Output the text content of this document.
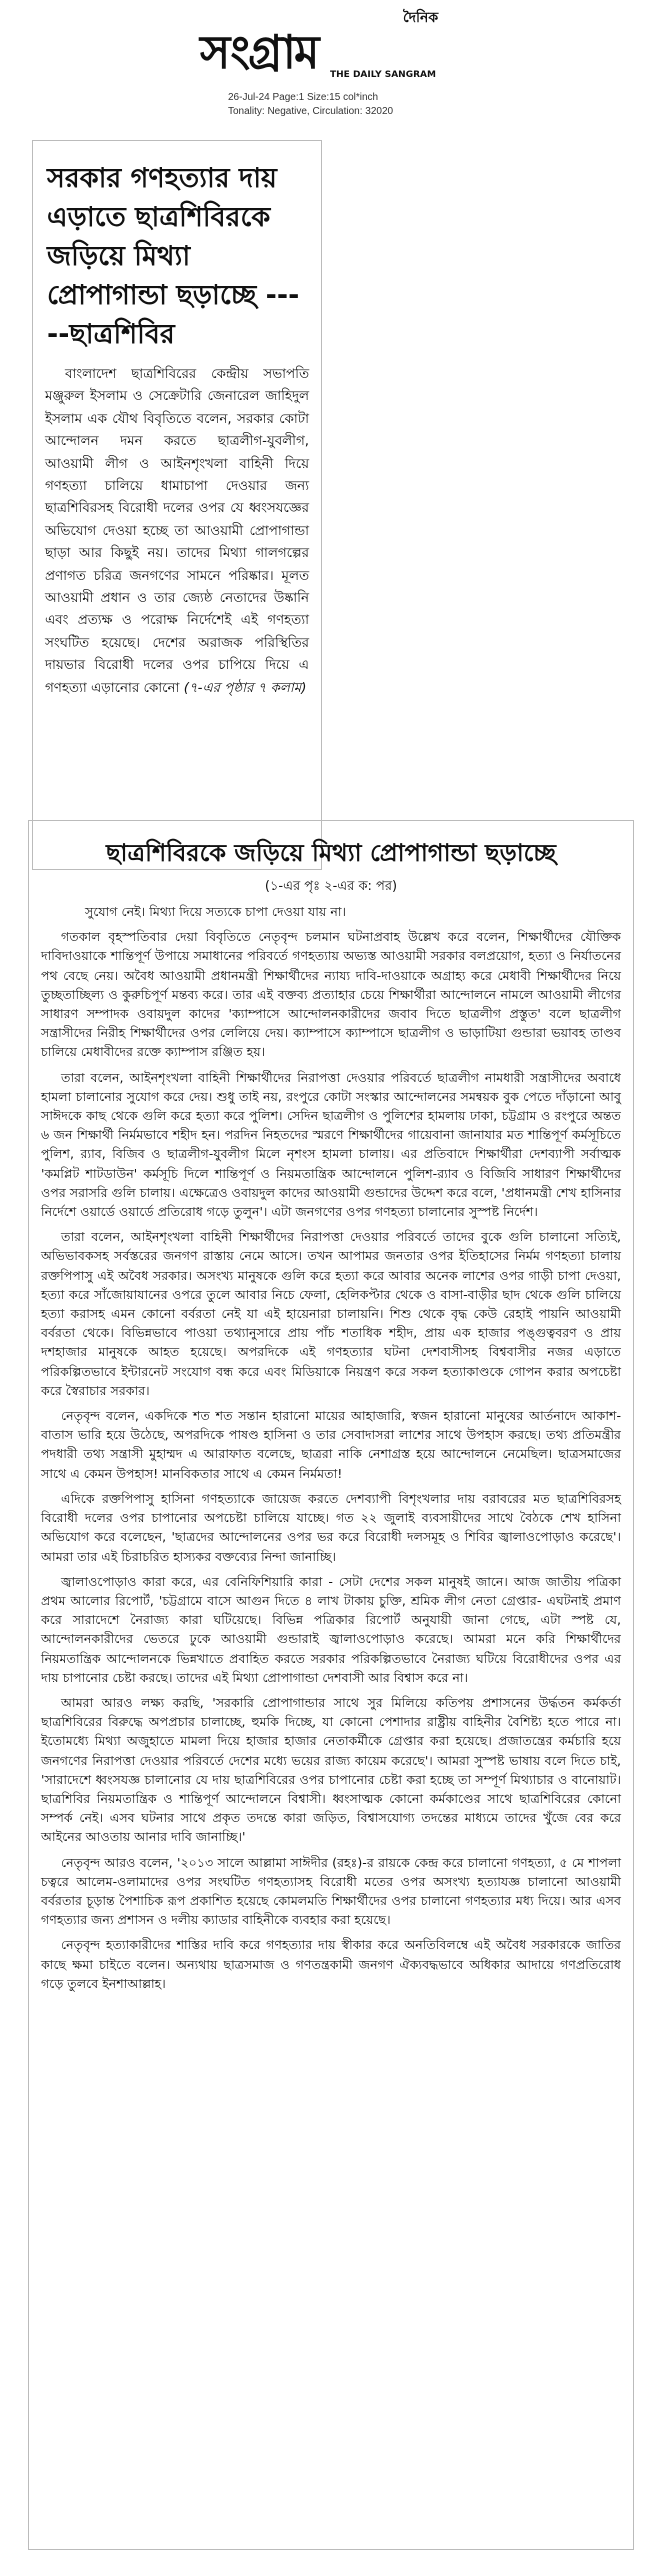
দৈনিক
সংগ্রাম THE DAILY SANGRAM
26-Jul-24 Page:1 Size:15 col*inch
Tonality: Negative, Circulation: 32020
সরকার গণহত্যার দায় এড়াতে ছাত্রশিবিরকে জড়িয়ে মিথ্যা প্রোপাগান্ডা ছড়াচ্ছে -----ছাত্রশিবির

বাংলাদেশ ছাত্রশিবিরের কেন্দ্রীয় সভাপতি মঞ্জুরুল ইসলাম ও সেক্রেটারি জেনারেল জাহিদুল ইসলাম এক যৌথ বিবৃতিতে বলেন, সরকার কোটা আন্দোলন দমন করতে ছাত্রলীগ-যুবলীগ, আওয়ামী লীগ ও আইনশৃংখলা বাহিনী দিয়ে গণহত্যা চালিয়ে ধামাচাপা দেওয়ার জন্য ছাত্রশিবিরসহ বিরোধী দলের ওপর যে ধ্বংসযজ্ঞের অভিযোগ দেওয়া হচ্ছে তা আওয়ামী প্রোপাগান্ডা ছাড়া আর কিছুই নয়। তাদের মিথ্যা গালগল্পের প্রণাগত চরিত্র জনগণের সামনে পরিষ্কার। মূলত আওয়ামী প্রধান ও তার জ্যেষ্ঠ নেতাদের উষ্কানি এবং প্রত্যক্ষ ও পরোক্ষ নির্দেশেই এই গণহত্যা সংঘটিত হয়েছে। দেশের অরাজক পরিস্থিতির দায়ভার বিরোধী দলের ওপর চাপিয়ে দিয়ে এ গণহত্যা এড়ানোর কোনো (৭-এর পৃষ্ঠার ৭ কলাম)

ছাত্রশিবিরকে জড়িয়ে মিথ্যা প্রোপাগান্ডা ছড়াচ্ছে
(১-এর পৃঃ ২-এর ক: পর)

সুযোগ নেই। মিথ্যা দিয়ে সত্যকে চাপা দেওয়া যায় না।

গতকাল বৃহস্পতিবার দেয়া বিবৃতিতে নেতৃবৃন্দ চলমান ঘটনাপ্রবাহ উল্লেখ করে বলেন, শিক্ষার্থীদের যৌক্তিক দাবিদাওয়াকে শান্তিপূর্ণ উপায়ে সমাধানের পরিবর্তে গণহত্যায় অভ্যস্ত আওয়ামী সরকার বলপ্রয়োগ, হত্যা ও নির্যাতনের পথ বেছে নেয়। অবৈধ আওয়ামী প্রধানমন্ত্রী শিক্ষার্থীদের ন্যায্য দাবি-দাওয়াকে অগ্রাহ্য করে মেধাবী শিক্ষার্থীদের নিয়ে তুচ্ছতাচ্ছিল্য ও কুরুচিপূর্ণ মন্তব্য করে। তার এই বক্তব্য প্রত্যাহার চেয়ে শিক্ষার্থীরা আন্দোলনে নামলে আওয়ামী লীগের সাধারণ সম্পাদক ওবায়দুল কাদের 'ক্যাম্পাসে আন্দোলনকারীদের জবাব দিতে ছাত্রলীগ প্রস্তুত' বলে ছাত্রলীগ সন্ত্রাসীদের নিরীহ শিক্ষার্থীদের ওপর লেলিয়ে দেয়। ক্যাম্পাসে ক্যাম্পাসে ছাত্রলীগ ও ভাড়াটিয়া গুন্ডারা ভয়াবহ তাণ্ডব চালিয়ে মেধাবীদের রক্তে ক্যাম্পাস রঞ্জিত হয়।

তারা বলেন, আইনশৃংখলা বাহিনী শিক্ষার্থীদের নিরাপত্তা দেওয়ার পরিবর্তে ছাত্রলীগ নামধারী সন্ত্রাসীদের অবাধে হামলা চালানোর সুযোগ করে দেয়। শুধু তাই নয়, রংপুরে কোটা সংস্কার আন্দোলনের সমন্বয়ক বুক পেতে দাঁড়ানো আবু সাঈদকে কাছ থেকে গুলি করে হত্যা করে পুলিশ। সেদিন ছাত্রলীগ ও পুলিশের হামলায় ঢাকা, চট্টগ্রাম ও রংপুরে অন্তত ৬ জন শিক্ষার্থী নির্মমভাবে শহীদ হন। পরদিন নিহতদের স্মরণে শিক্ষার্থীদের গায়েবানা জানাযার মত শান্তিপূর্ণ কর্মসূচিতে পুলিশ, র‍্যাব, বিজিব ও ছাত্রলীগ-যুবলীগ মিলে নৃশংস হামলা চালায়। এর প্রতিবাদে শিক্ষার্থীরা দেশব্যাপী সর্বাত্মক 'কমপ্লিট শাটডাউন' কর্মসূচি দিলে শান্তিপূর্ণ ও নিয়মতান্ত্রিক আন্দোলনে পুলিশ-র‍্যাব ও বিজিবি সাধারণ শিক্ষার্থীদের ওপর সরাসরি গুলি চালায়। এক্ষেত্রেও ওবায়দুল কাদের আওয়ামী গুন্ডাদের উদ্দেশ করে বলে, 'প্রধানমন্ত্রী শেখ হাসিনার নির্দেশে ওয়ার্ডে ওয়ার্ডে প্রতিরোধ গড়ে তুলুন'। এটা জনগণের ওপর গণহত্যা চালানোর সুস্পষ্ট নির্দেশ।

তারা বলেন, আইনশৃংখলা বাহিনী শিক্ষার্থীদের নিরাপত্তা দেওয়ার পরিবর্তে তাদের বুকে গুলি চালানো সত্যিই, অভিভাবকসহ সর্বস্তরের জনগণ রাস্তায় নেমে আসে। তখন আপামর জনতার ওপর ইতিহাসের নির্মম গণহত্যা চালায় রক্তপিপাসু এই অবৈধ সরকার। অসংখ্য মানুষকে গুলি করে হত্যা করে আবার অনেক লাশের ওপর গাড়ী চাপা দেওয়া, হত্যা করে সাঁজোয়াযানের ওপরে তুলে আবার নিচে ফেলা, হেলিকপ্টার থেকে ও বাসা-বাড়ীর ছাদ থেকে গুলি চালিয়ে হত্যা করাসহ এমন কোনো বর্বরতা নেই যা এই হায়েনারা চালায়নি। শিশু থেকে বৃদ্ধ কেউ রেহাই পায়নি আওয়ামী বর্বরতা থেকে। বিভিন্নভাবে পাওয়া তথ্যানুসারে প্রায় পাঁচ শতাধিক শহীদ, প্রায় এক হাজার পঙ্গুত্ববরণ ও প্রায় দশহাজার মানুষকে আহত হয়েছে। অপরদিকে এই গণহত্যার ঘটনা দেশবাসীসহ বিশ্ববাসীর নজর এড়াতে পরিকল্পিতভাবে ইন্টারনেট সংযোগ বন্ধ করে এবং মিডিয়াকে নিয়ন্ত্রণ করে সকল হত্যাকাণ্ডকে গোপন করার অপচেষ্টা করে স্বৈরাচার সরকার।

নেতৃবৃন্দ বলেন, একদিকে শত শত সন্তান হারানো মায়ের আহাজারি, স্বজন হারানো মানুষের আর্তনাদে আকাশ-বাতাস ভারি হয়ে উঠেছে, অপরদিকে পাষণ্ড হাসিনা ও তার সেবাদাসরা লাশের সাথে উপহাস করছে। তথ্য প্রতিমন্ত্রীর পদধারী তথ্য সন্ত্রাসী মুহাম্মদ এ আরাফাত বলেছে, ছাত্ররা নাকি নেশাগ্রস্ত হয়ে আন্দোলনে নেমেছিল। ছাত্রসমাজের সাথে এ কেমন উপহাস! মানবিকতার সাথে এ কেমন নির্মমতা!

এদিকে রক্তপিপাসু হাসিনা গণহত্যাকে জায়েজ করতে দেশব্যাপী বিশৃংখলার দায় বরাবরের মত ছাত্রশিবিরসহ বিরোধী দলের ওপর চাপানোর অপচেষ্টা চালিয়ে যাচ্ছে। গত ২২ জুলাই ব্যবসায়ীদের সাথে বৈঠকে শেখ হাসিনা অভিযোগ করে বলেছেন, 'ছাত্রদের আন্দোলনের ওপর ভর করে বিরোধী দলসমূহ ও শিবির জ্বালাওপোড়াও করেছে'। আমরা তার এই চিরাচরিত হাস্যকর বক্তব্যের নিন্দা জানাচ্ছি।

জ্বালাওপোড়াও কারা করে, এর বেনিফিশিয়ারি কারা - সেটা দেশের সকল মানুষই জানে। আজ জাতীয় পত্রিকা প্রথম আলোর রিপোর্ট, 'চট্টগ্রামে বাসে আগুন দিতে ৪ লাখ টাকায় চুক্তি, শ্রমিক লীগ নেতা গ্রেপ্তার- এঘটনাই প্রমাণ করে সারাদেশে নৈরাজ্য কারা ঘটিয়েছে। বিভিন্ন পত্রিকার রিপোর্ট অনুযায়ী জানা গেছে, এটা স্পষ্ট যে, আন্দোলনকারীদের ভেতরে ঢুকে আওয়ামী গুন্ডারাই জ্বালাওপোড়াও করেছে। আমরা মনে করি শিক্ষার্থীদের নিয়মতান্ত্রিক আন্দোলনকে ভিন্নখাতে প্রবাহিত করতে সরকার পরিকল্পিতভাবে নৈরাজ্য ঘটিয়ে বিরোধীদের ওপর এর দায় চাপানোর চেষ্টা করছে। তাদের এই মিথ্যা প্রোপাগান্ডা দেশবাসী আর বিশ্বাস করে না।

আমরা আরও লক্ষ্য করছি, 'সরকারি প্রোপাগান্ডার সাথে সুর মিলিয়ে কতিপয় প্রশাসনের উর্দ্ধতন কর্মকর্তা ছাত্রশিবিরের বিরুদ্ধে অপপ্রচার চালাচ্ছে, হুমকি দিচ্ছে, যা কোনো পেশাদার রাষ্ট্রীয় বাহিনীর বৈশিষ্ট্য হতে পারে না। ইতোমধ্যে মিথ্যা অজুহাতে মামলা দিয়ে হাজার হাজার নেতাকর্মীকে গ্রেপ্তার করা হয়েছে। প্রজাতন্ত্রের কর্মচারি হয়ে জনগণের নিরাপত্তা দেওয়ার পরিবর্তে দেশের মধ্যে ভয়ের রাজ্য কায়েম করেছে'। আমরা সুস্পষ্ট ভাষায় বলে দিতে চাই, 'সারাদেশে ধ্বংসযজ্ঞ চালানোর যে দায় ছাত্রশিবিরের ওপর চাপানোর চেষ্টা করা হচ্ছে তা সম্পূর্ণ মিথ্যাচার ও বানোয়াট। ছাত্রশিবির নিয়মতান্ত্রিক ও শান্তিপূর্ণ আন্দোলনে বিশ্বাসী। ধ্বংসাত্মক কোনো কর্মকাণ্ডের সাথে ছাত্রশিবিরের কোনো সম্পর্ক নেই। এসব ঘটনার সাথে প্রকৃত তদন্তে কারা জড়িত, বিশ্বাসযোগ্য তদন্তের মাধ্যমে তাদের খুঁজে বের করে আইনের আওতায় আনার দাবি জানাচ্ছি।'

নেতৃবৃন্দ আরও বলেন, '২০১৩ সালে আল্লামা সাঈদীর (রহঃ)-র রায়কে কেন্দ্র করে চালানো গণহত্যা, ৫ মে শাপলা চত্বরে আলেম-ওলামাদের ওপর সংঘটিত গণহত্যাসহ বিরোধী মতের ওপর অসংখ্য হত্যাযজ্ঞ চালানো আওয়ামী বর্বরতার চূড়ান্ত পৈশাচিক রূপ প্রকাশিত হয়েছে কোমলমতি শিক্ষার্থীদের ওপর চালানো গণহত্যার মধ্য দিয়ে। আর এসব গণহত্যার জন্য প্রশাসন ও দলীয় ক্যাডার বাহিনীকে ব্যবহার করা হয়েছে।

নেতৃবৃন্দ হত্যাকারীদের শাস্তির দাবি করে গণহত্যার দায় স্বীকার করে অনতিবিলম্বে এই অবৈধ সরকারকে জাতির কাছে ক্ষমা চাইতে বলেন। অন্যথায় ছাত্রসমাজ ও গণতন্ত্রকামী জনগণ ঐক্যবদ্ধভাবে অধিকার আদায়ে গণপ্রতিরোধ গড়ে তুলবে ইনশাআল্লাহ।
